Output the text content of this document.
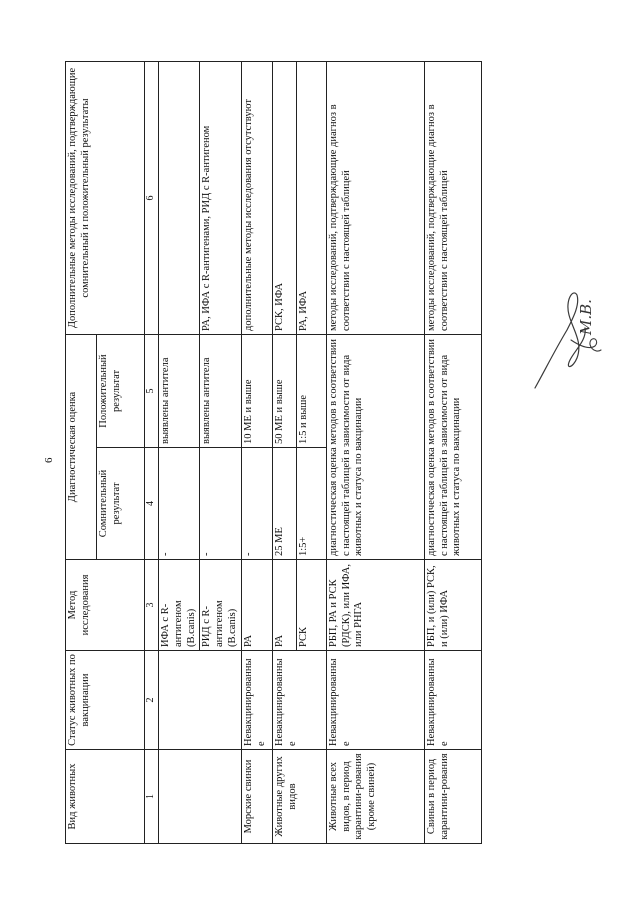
6
Вид животных	Статус животных по вакцинации	Метод исследования	Диагностическая оценка		Дополнительные методы исследований, подтверждающие сомнительный и положительный результаты
			Сомнительный результат	Положительный результат	
1	2	3	4	5	6
		ИФА с R-антигеном (B.canis)	-	выявлены антитела	
		РИД с R-антигеном (B.canis)	-	выявлены антитела	РА, ИФА с R-антигенами, РИД с R-антигеном
Морские свинки	Невакцинированные	РА	-	10 МЕ и выше	дополнительные методы исследования отсутствуют
Животные других видов	Невакцинированные	РА	25 МЕ	50 МЕ и выше	РСК, ИФА
		РСК	1:5+	1:5 и выше	РА, ИФА
Животные всех видов, в период карантини-рования (кроме свиней)	Невакцинированные	РБП, РА и РСК (РДСК), или ИФА, или РНГА	диагностическая оценка методов в соответствии с настоящей таблицей в зависимости от вида животных и статуса по вакцинации		методы исследований, подтверждающие диагноз в соответствии с настоящей таблицей
Свиньи в период карантини-рования	Невакцинированные	РБП, и (или) РСК, и (или) ИФА	диагностическая оценка методов в соответствии с настоящей таблицей в зависимости от вида животных и статуса по вакцинации		методы исследований, подтверждающие диагноз в соответствии с настоящей таблицей	М.В.
